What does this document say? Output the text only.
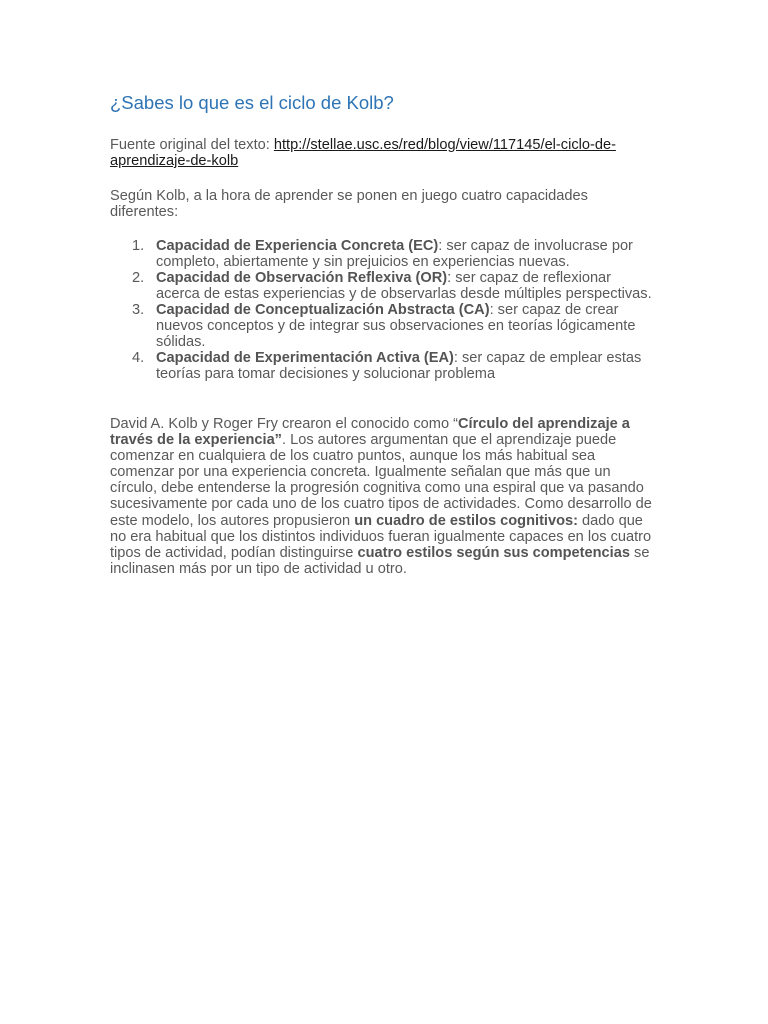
¿Sabes lo que es el ciclo de Kolb?

Fuente original del texto: http://stellae.usc.es/red/blog/view/117145/el-ciclo-de-aprendizaje-de-kolb

Según Kolb, a la hora de aprender se ponen en juego cuatro capacidades diferentes:

1. Capacidad de Experiencia Concreta (EC): ser capaz de involucrase por completo, abiertamente y sin prejuicios en experiencias nuevas.
2. Capacidad de Observación Reflexiva (OR): ser capaz de reflexionar acerca de estas experiencias y de observarlas desde múltiples perspectivas.
3. Capacidad de Conceptualización Abstracta (CA): ser capaz de crear nuevos conceptos y de integrar sus observaciones en teorías lógicamente sólidas.
4. Capacidad de Experimentación Activa (EA): ser capaz de emplear estas teorías para tomar decisiones y solucionar problema

David A. Kolb y Roger Fry crearon el conocido como “Círculo del aprendizaje a través de la experiencia”. Los autores argumentan que el aprendizaje puede comenzar en cualquiera de los cuatro puntos, aunque los más habitual sea comenzar por una experiencia concreta. Igualmente señalan que más que un círculo, debe entenderse la progresión cognitiva como una espiral que va pasando sucesivamente por cada uno de los cuatro tipos de actividades. Como desarrollo de este modelo, los autores propusieron un cuadro de estilos cognitivos: dado que no era habitual que los distintos individuos fueran igualmente capaces en los cuatro tipos de actividad, podían distinguirse cuatro estilos según sus competencias se inclinasen más por un tipo de actividad u otro.
